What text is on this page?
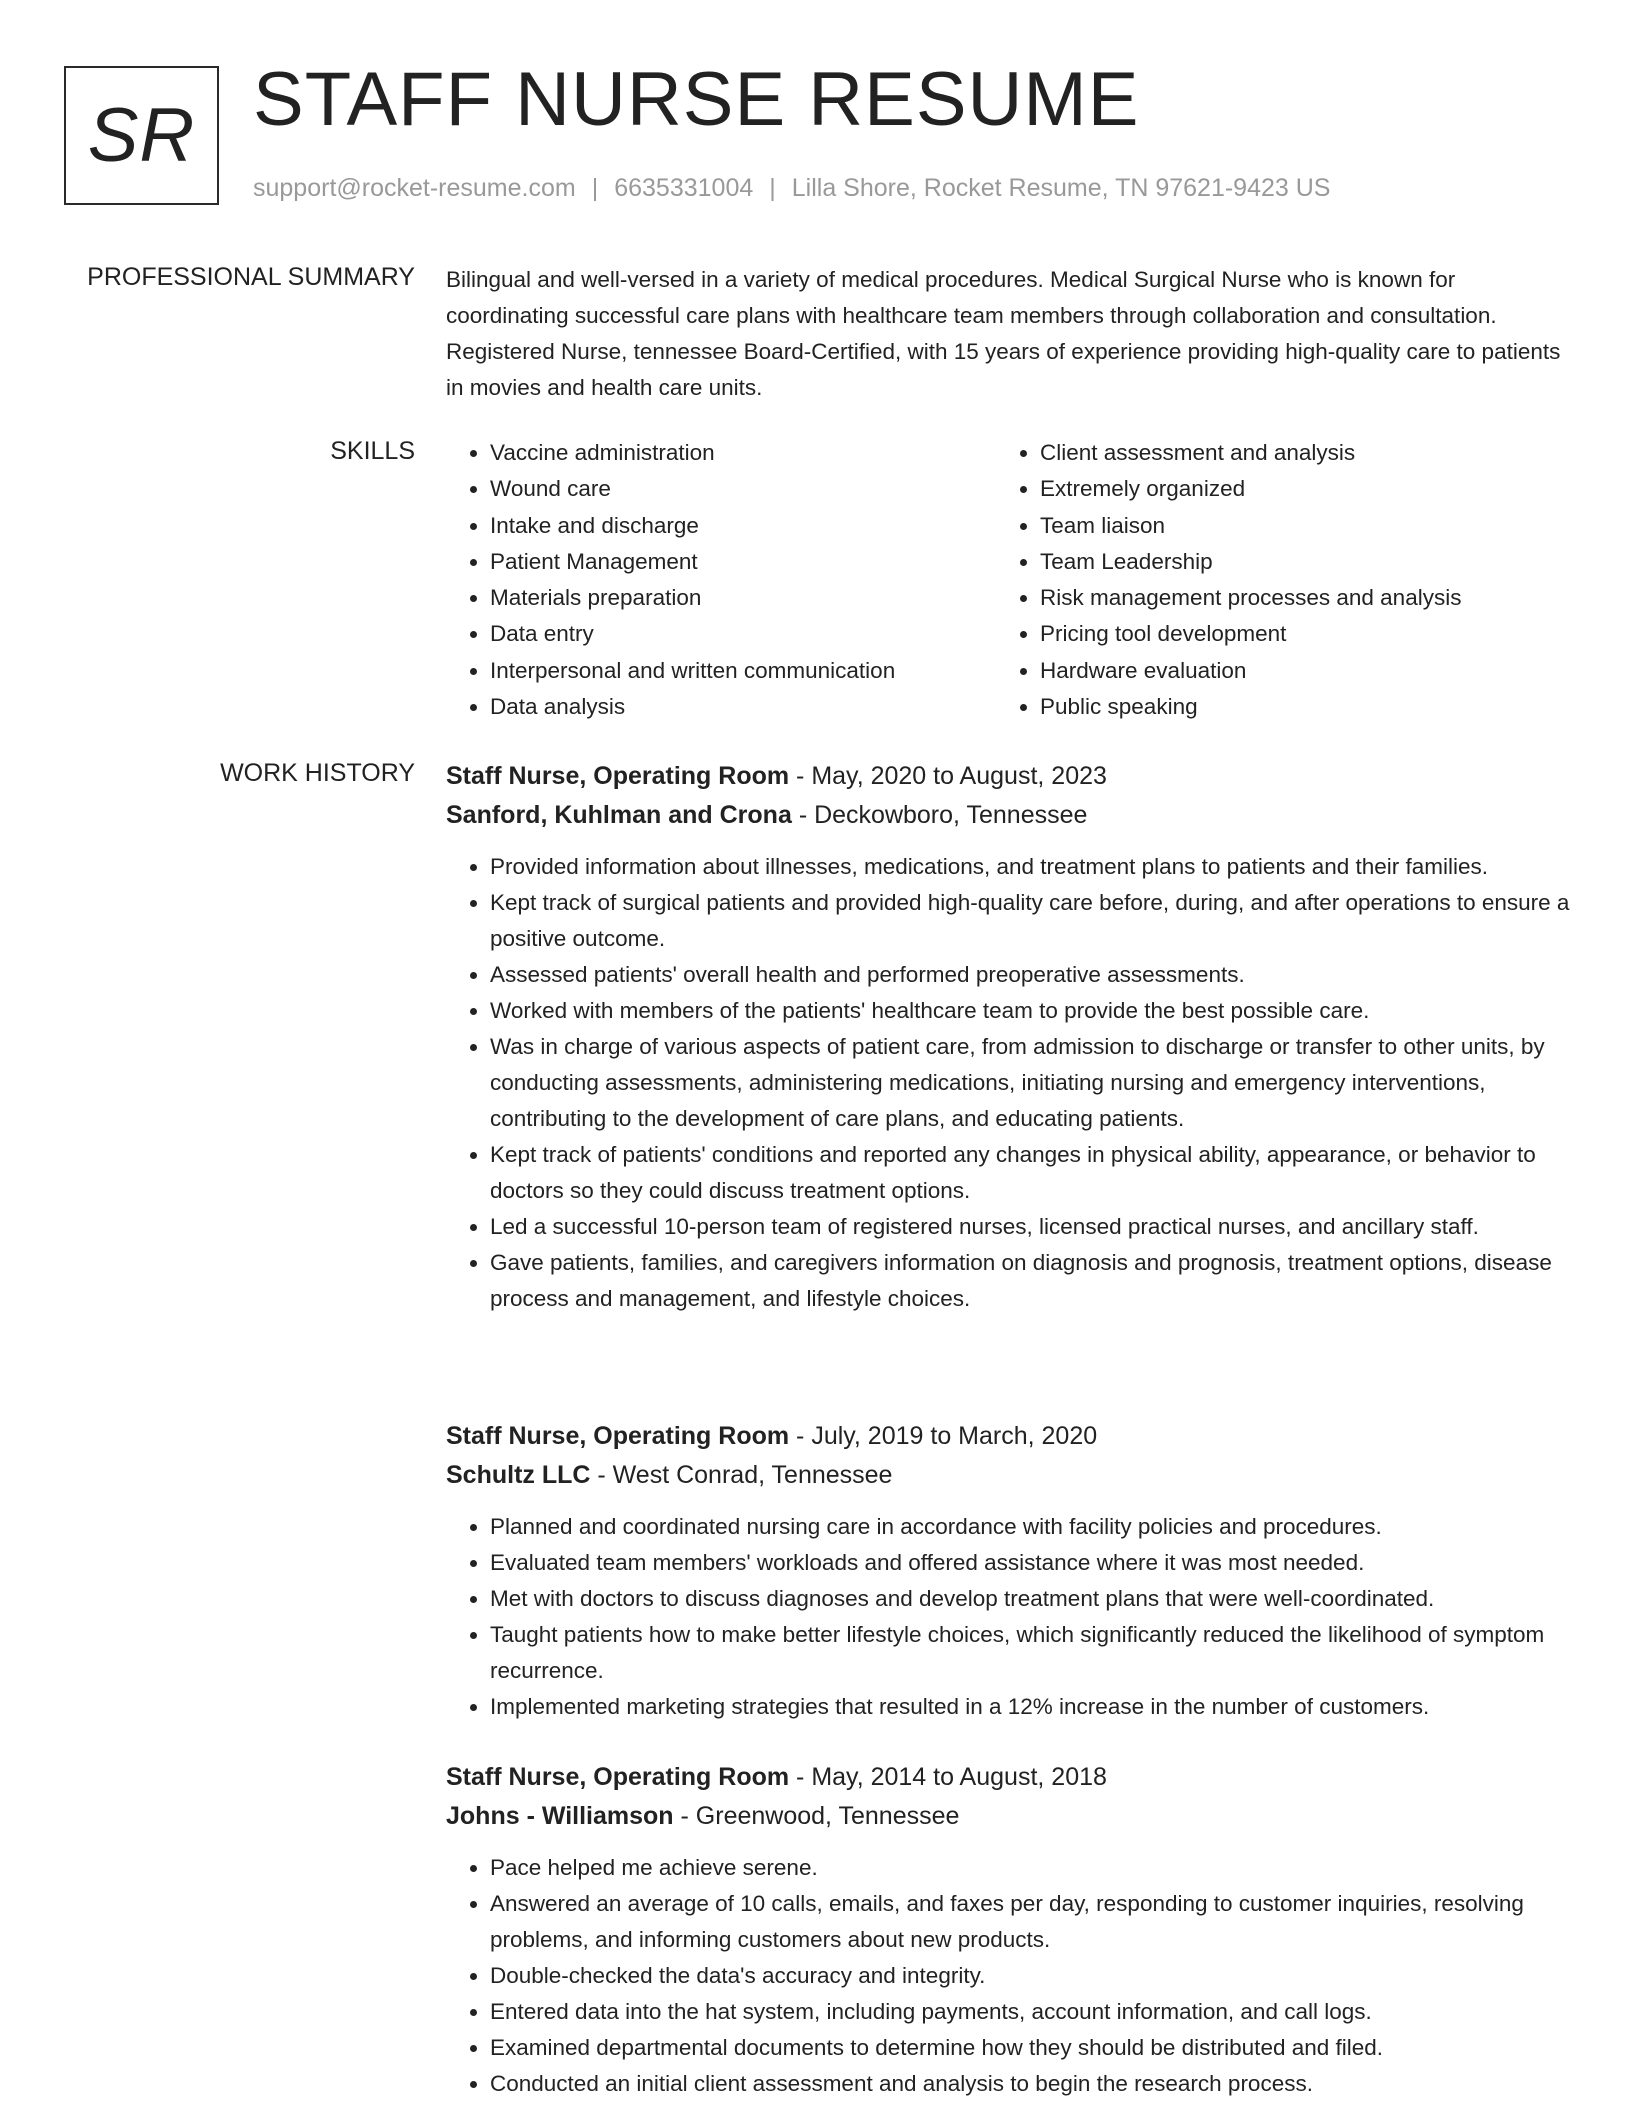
SR STAFF NURSE RESUME
support@rocket-resume.com | 6635331004 | Lilla Shore, Rocket Resume, TN 97621-9423 US
PROFESSIONAL SUMMARY Bilingual and well-versed in a variety of medical procedures. Medical Surgical Nurse who is known for coordinating successful care plans with healthcare team members through collaboration and consultation. Registered Nurse, tennessee Board-Certified, with 15 years of experience providing high-quality care to patients in movies and health care units.

SKILLS
•	Vaccine administration
• Wound care
• Intake and discharge
• Patient Management
• Materials preparation
• Data entry
• Interpersonal and written communication
• Data analysis
• Client assessment and analysis
• Extremely organized
• Team liaison
• Team Leadership
• Risk management processes and analysis
• Pricing tool development
• Hardware evaluation
• Public speaking
WORK HISTORY Staff Nurse, Operating Room - May, 2020 to August, 2023
Sanford, Kuhlman and Crona - Deckowboro, Tennessee
• Provided information about illnesses, medications, and treatment plans to patients and their families.
• Kept track of surgical patients and provided high-quality care before, during, and after operations to ensure a positive outcome.
• Assessed patients' overall health and performed preoperative assessments.
• Worked with members of the patients' healthcare team to provide the best possible care.
• Was in charge of various aspects of patient care, from admission to discharge or transfer to other units, by conducting assessments, administering medications, initiating nursing and emergency interventions, contributing to the development of care plans, and educating patients.
• Kept track of patients' conditions and reported any changes in physical ability, appearance, or behavior to doctors so they could discuss treatment options.
• Led a successful 10-person team of registered nurses, licensed practical nurses, and ancillary staff.
• Gave patients, families, and caregivers information on diagnosis and prognosis, treatment options, disease process and management, and lifestyle choices.
Staff Nurse, Operating Room - July, 2019 to March, 2020
Schultz LLC - West Conrad, Tennessee
• Planned and coordinated nursing care in accordance with facility policies and procedures.
• Evaluated team members' workloads and offered assistance where it was most needed.
• Met with doctors to discuss diagnoses and develop treatment plans that were well-coordinated.
• Taught patients how to make better lifestyle choices, which significantly reduced the likelihood of symptom recurrence.
• Implemented marketing strategies that resulted in a 12% increase in the number of customers.
Staff Nurse, Operating Room - May, 2014 to August, 2018
Johns - Williamson - Greenwood, Tennessee
• Pace helped me achieve serene.
• Answered an average of 10 calls, emails, and faxes per day, responding to customer inquiries, resolving problems, and informing customers about new products.
• Double-checked the data's accuracy and integrity.
• Entered data into the hat system, including payments, account information, and call logs.
• Examined departmental documents to determine how they should be distributed and filed.
• Conducted an initial client assessment and analysis to begin the research process.
